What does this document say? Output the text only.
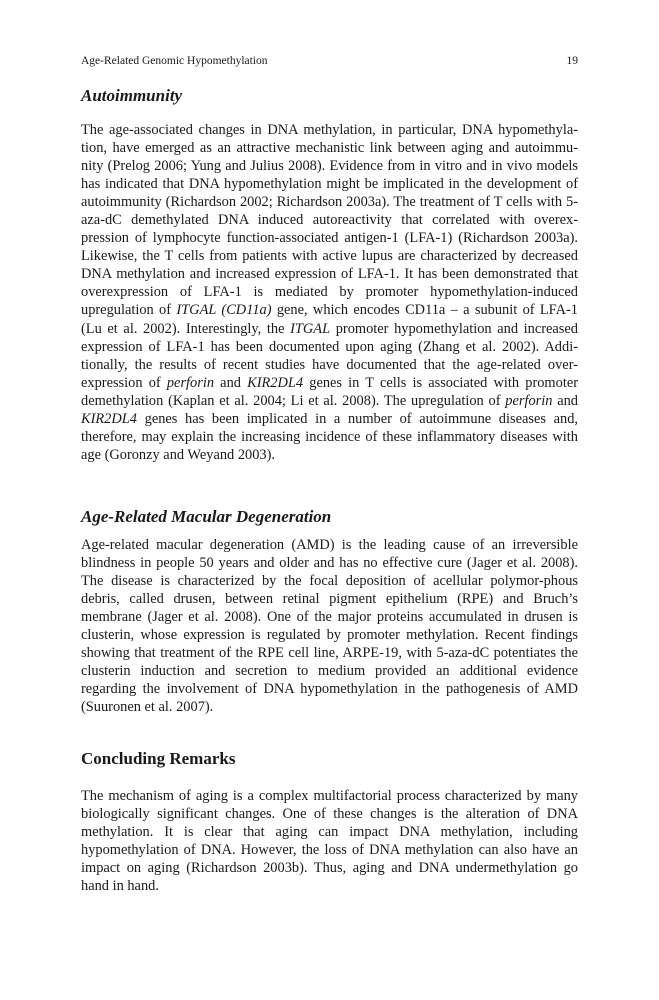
Age-Related Genomic Hypomethylation	19
Autoimmunity

The age-associated changes in DNA methylation, in particular, DNA hypomethyla-tion, have emerged as an attractive mechanistic link between aging and autoimmu-nity (Prelog 2006; Yung and Julius 2008). Evidence from in vitro and in vivo models has indicated that DNA hypomethylation might be implicated in the development of autoimmunity (Richardson 2002; Richardson 2003a). The treatment of T cells with 5-aza-dC demethylated DNA induced autoreactivity that correlated with overex-pression of lymphocyte function-associated antigen-1 (LFA-1) (Richardson 2003a). Likewise, the T cells from patients with active lupus are characterized by decreased DNA methylation and increased expression of LFA-1. It has been demonstrated that overexpression of LFA-1 is mediated by promoter hypomethylation-induced upregulation of ITGAL (CD11a) gene, which encodes CD11a – a subunit of LFA-1 (Lu et al. 2002). Interestingly, the ITGAL promoter hypomethylation and increased expression of LFA-1 has been documented upon aging (Zhang et al. 2002). Addi-tionally, the results of recent studies have documented that the age-related over-expression of perforin and KIR2DL4 genes in T cells is associated with promoter demethylation (Kaplan et al. 2004; Li et al. 2008). The upregulation of perforin and KIR2DL4 genes has been implicated in a number of autoimmune diseases and, therefore, may explain the increasing incidence of these inflammatory diseases with age (Goronzy and Weyand 2003).

Age-Related Macular Degeneration

Age-related macular degeneration (AMD) is the leading cause of an irreversible blindness in people 50 years and older and has no effective cure (Jager et al. 2008). The disease is characterized by the focal deposition of acellular polymor-phous debris, called drusen, between retinal pigment epithelium (RPE) and Bruch’s membrane (Jager et al. 2008). One of the major proteins accumulated in drusen is clusterin, whose expression is regulated by promoter methylation. Recent findings showing that treatment of the RPE cell line, ARPE-19, with 5-aza-dC potentiates the clusterin induction and secretion to medium provided an additional evidence regarding the involvement of DNA hypomethylation in the pathogenesis of AMD (Suuronen et al. 2007).

Concluding Remarks

The mechanism of aging is a complex multifactorial process characterized by many biologically significant changes. One of these changes is the alteration of DNA methylation. It is clear that aging can impact DNA methylation, including hypomethylation of DNA. However, the loss of DNA methylation can also have an impact on aging (Richardson 2003b). Thus, aging and DNA undermethylation go hand in hand.
